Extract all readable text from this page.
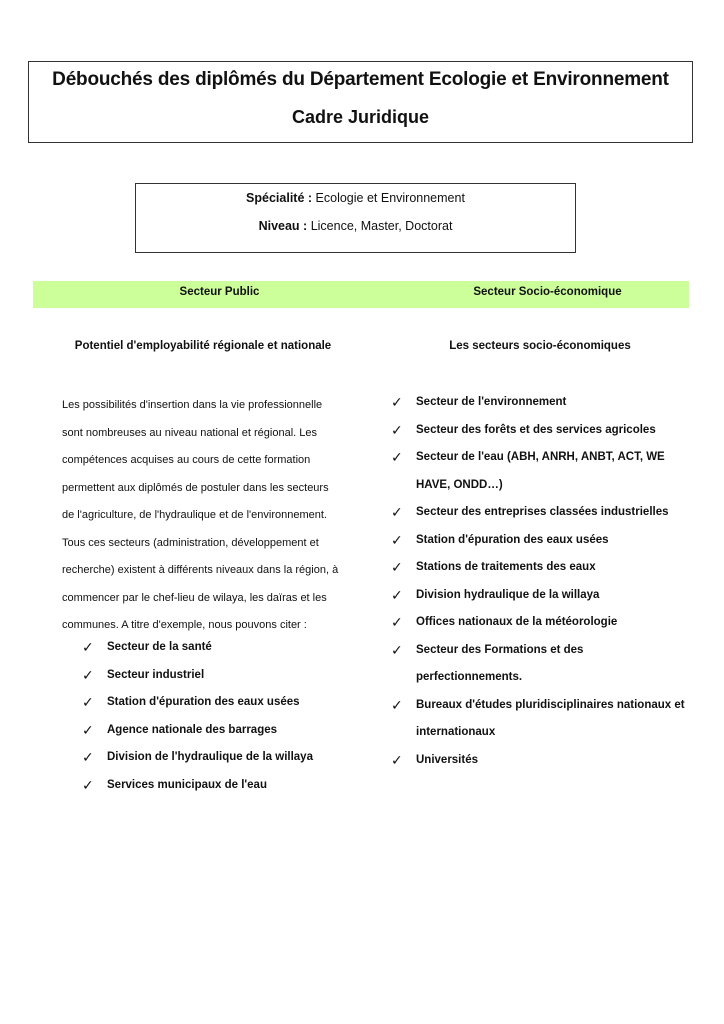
Débouchés des diplômés du Département Ecologie et Environnement
Cadre Juridique
Spécialité : Ecologie et Environnement
Niveau : Licence, Master, Doctorat
Secteur Public	Secteur Socio-économique
Potentiel d'employabilité régionale et nationale	Les secteurs socio-économiques
Les possibilités d'insertion dans la vie professionnelle
sont nombreuses au niveau national et régional. Les
compétences acquises au cours de cette formation
permettent aux diplômés de postuler dans les secteurs
de l'agriculture, de l'hydraulique et de l'environnement.
Tous ces secteurs (administration, développement et
recherche) existent à différents niveaux dans la région, à
commencer par le chef-lieu de wilaya, les daïras et les
communes. A titre d'exemple, nous pouvons citer :
✓ Secteur de la santé
✓ Secteur industriel
✓ Station d'épuration des eaux usées
✓ Agence nationale des barrages
✓ Division de l'hydraulique de la willaya
✓ Services municipaux de l'eau
✓ Secteur de l'environnement
✓ Secteur des forêts et des services agricoles
✓ Secteur de l'eau (ABH, ANRH, ANBT, ACT, WE HAVE, ONDD…)
✓ Secteur des entreprises classées industrielles
✓ Station d'épuration des eaux usées
✓ Stations de traitements des eaux
✓ Division hydraulique de la willaya
✓ Offices nationaux de la météorologie
✓ Secteur des Formations et des perfectionnements.
✓ Bureaux d'études pluridisciplinaires nationaux et internationaux
✓ Universités
